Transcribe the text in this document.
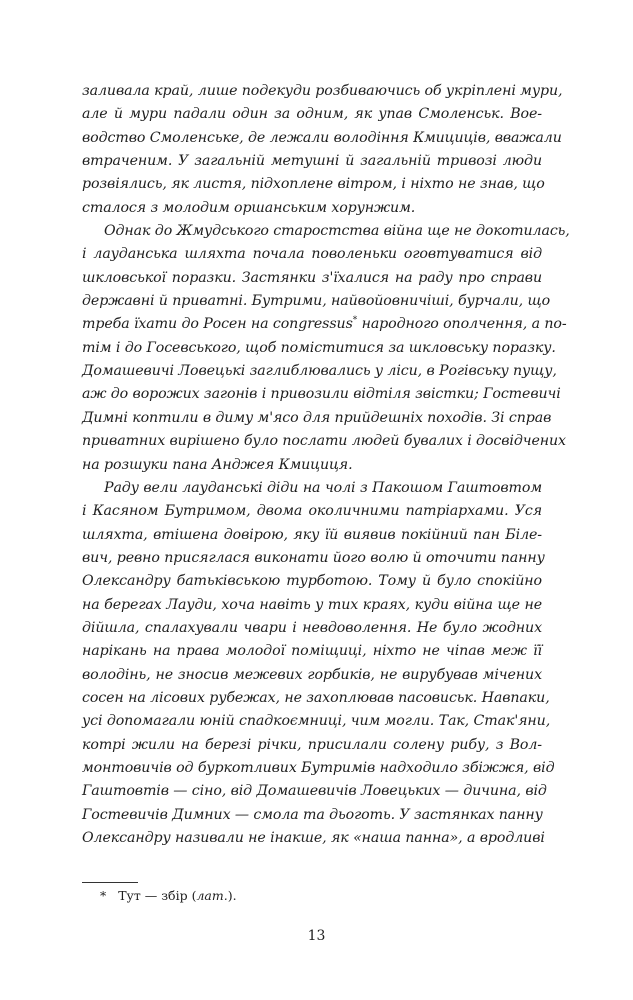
заливала край, лише подекуди розбиваючись об укріплені мури,
але й мури падали один за одним, як упав Смоленськ. Вое-
водство Смоленське, де лежали володіння Кмициців, вважали
втраченим. У загальній метушні й загальній тривозі люди
розвіялись, як листя, підхоплене вітром, і ніхто не знав, що
сталося з молодим оршанським хорунжим.
Однак до Жмудського старостства війна ще не докотилась,
і лауданська шляхта почала поволеньки оговтуватися від
шкловської поразки. Застянки з'їхалися на раду про справи
державні й приватні. Бутрими, найвойовничіші, бурчали, що
треба їхати до Росен на congressus* народного ополчення, а по-
тім і до Госевського, щоб поміститися за шкловську поразку.
Домашевичі Ловецькі заглиблювались у ліси, в Рогівську пущу,
аж до ворожих загонів і привозили відтіля звістки; Гостевичі
Димні коптили в диму м'ясо для прийдешніх походів. Зі справ
приватних вирішено було послати людей бувалих і досвідчених
на розшуки пана Анджея Кмициця.
Раду вели лауданські діди на чолі з Пакошом Гаштовтом
і Касяном Бутримом, двома околичними патріархами. Уся
шляхта, втішена довірою, яку їй виявив покійний пан Біле-
вич, ревно присяглася виконати його волю й оточити панну
Олександру батьківською турботою. Тому й було спокійно
на берегах Лауди, хоча навіть у тих краях, куди війна ще не
дійшла, спалахували чвари і невдоволення. Не було жодних
нарікань на права молодої поміщиці, ніхто не чіпав меж її
володінь, не зносив межевих горбиків, не вирубував мічених
сосен на лісових рубежах, не захоплював пасовиськ. Навпаки,
усі допомагали юній спадкоємниці, чим могли. Так, Стак'яни,
котрі жили на березі річки, присилали солену рибу, з Вол-
монтовичів од буркотливих Бутримів надходило збіжжя, від
Гаштовтів — сіно, від Домашевичів Ловецьких — дичина, від
Гостевичів Димних — смола та дьоготь. У застянках панну
Олександру називали не інакше, як «наша панна», а вродливі
* Тут — збір (лат.).
13
